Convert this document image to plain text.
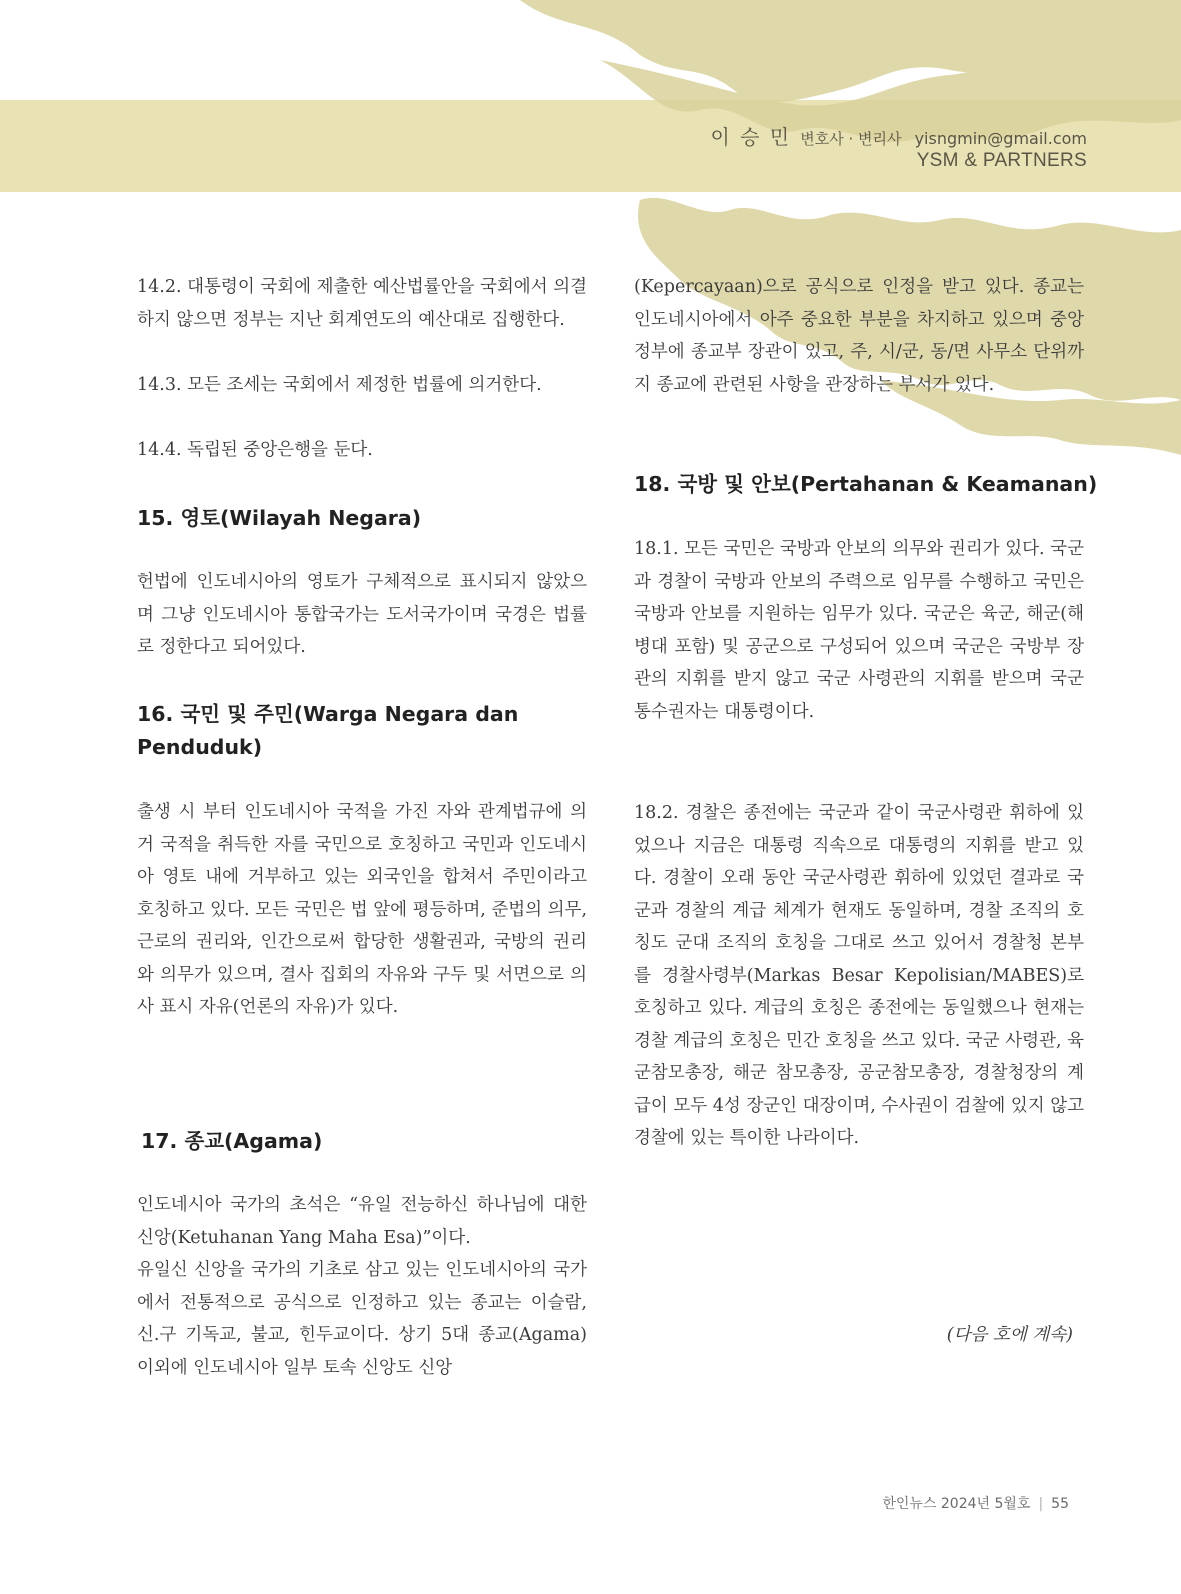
이 승 민 변호사 · 변리사 yisngmin@gmail.com
YSM & PARTNERS

14.2. 대통령이 국회에 제출한 예산법률안을 국회에서 의결하지 않으면 정부는 지난 회계연도의 예산대로 집행한다.

14.3. 모든 조세는 국회에서 제정한 법률에 의거한다.

14.4. 독립된 중앙은행을 둔다.

15. 영토(Wilayah Negara)

헌법에 인도네시아의 영토가 구체적으로 표시되지 않았으며 그냥 인도네시아 통합국가는 도서국가이며 국경은 법률로 정한다고 되어있다.

16. 국민 및 주민(Warga Negara dan
Penduduk)

출생 시 부터 인도네시아 국적을 가진 자와 관계법규에 의거 국적을 취득한 자를 국민으로 호칭하고 국민과 인도네시아 영토 내에 거부하고 있는 외국인을 합쳐서 주민이라고 호칭하고 있다. 모든 국민은 법 앞에 평등하며, 준법의 의무, 근로의 권리와, 인간으로써 합당한 생활권과, 국방의 권리와 의무가 있으며, 결사 집회의 자유와 구두 및 서면으로 의사 표시 자유(언론의 자유)가 있다.

17. 종교(Agama)

인도네시아 국가의 초석은 “유일 전능하신 하나님에 대한 신앙(Ketuhanan Yang Maha Esa)”이다.

유일신 신앙을 국가의 기초로 삼고 있는 인도네시아의 국가에서 전통적으로 공식으로 인정하고 있는 종교는 이슬람, 신.구 기독교, 불교, 힌두교이다. 상기 5대 종교(Agama) 이외에 인도네시아 일부 토속 신앙도 신앙

(Kepercayaan)으로 공식으로 인정을 받고 있다. 종교는 인도네시아에서 아주 중요한 부분을 차지하고 있으며 중앙정부에 종교부 장관이 있고, 주, 시/군, 동/면 사무소 단위까지 종교에 관련된 사항을 관장하는 부서가 있다.

18. 국방 및 안보(Pertahanan & Keamanan)

18.1. 모든 국민은 국방과 안보의 의무와 권리가 있다. 국군과 경찰이 국방과 안보의 주력으로 임무를 수행하고 국민은 국방과 안보를 지원하는 임무가 있다. 국군은 육군, 해군(해병대 포함) 및 공군으로 구성되어 있으며 국군은 국방부 장관의 지휘를 받지 않고 국군 사령관의 지휘를 받으며 국군 통수권자는 대통령이다.

18.2. 경찰은 종전에는 국군과 같이 국군사령관 휘하에 있었으나 지금은 대통령 직속으로 대통령의 지휘를 받고 있다. 경찰이 오래 동안 국군사령관 휘하에 있었던 결과로 국군과 경찰의 계급 체계가 현재도 동일하며, 경찰 조직의 호칭도 군대 조직의 호칭을 그대로 쓰고 있어서 경찰청 본부를 경찰사령부(Markas Besar Kepolisian/MABES)로 호칭하고 있다. 계급의 호칭은 종전에는 동일했으나 현재는 경찰 계급의 호칭은 민간 호칭을 쓰고 있다. 국군 사령관, 육군참모총장, 해군 참모총장, 공군참모총장, 경찰청장의 계급이 모두 4성 장군인 대장이며, 수사권이 검찰에 있지 않고 경찰에 있는 특이한 나라이다.

(다음 호에 계속)
한인뉴스 2024년 5월호 | 55
